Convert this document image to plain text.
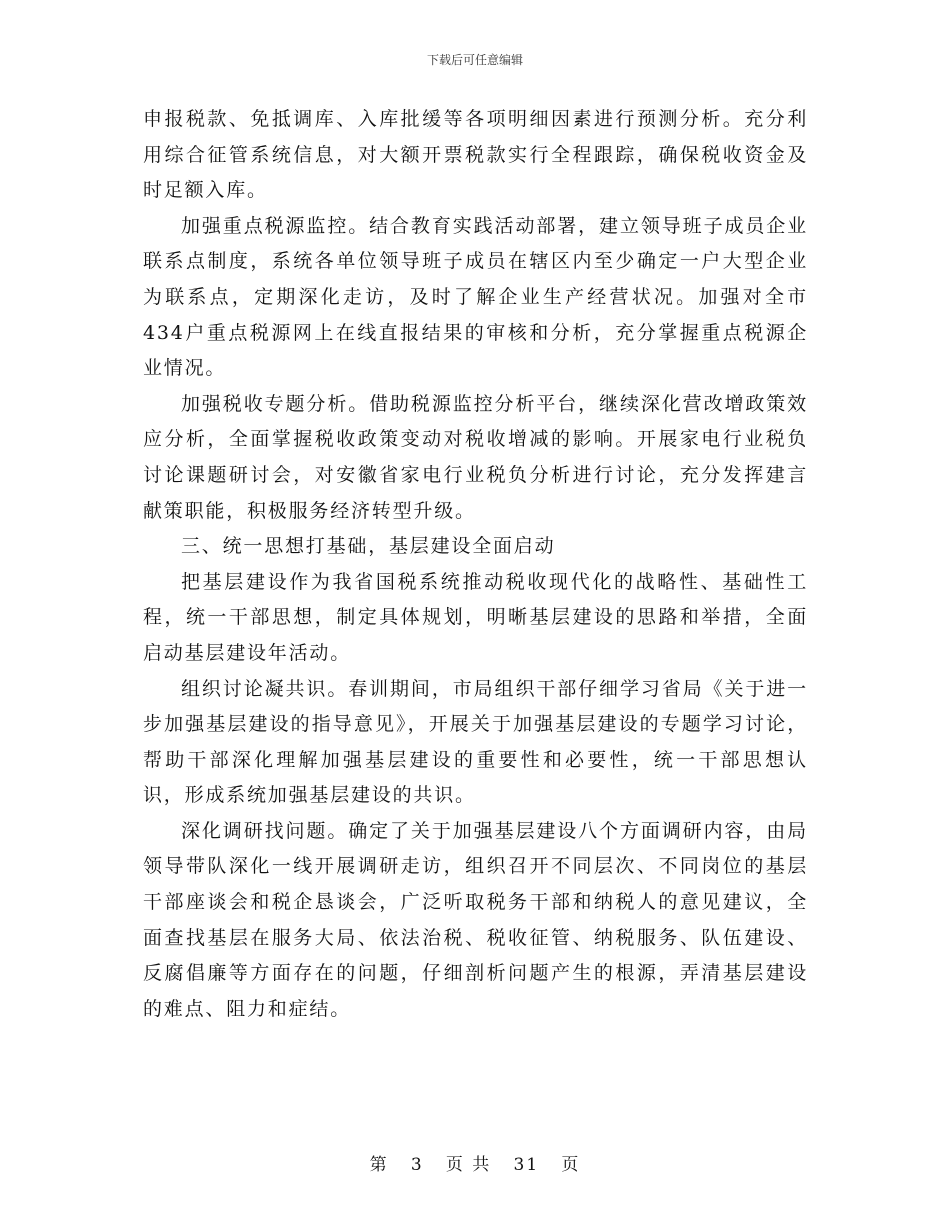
下载后可任意编辑

申报税款、免抵调库、入库批缓等各项明细因素进行预测分析。充分利用综合征管系统信息，对大额开票税款实行全程跟踪，确保税收资金及时足额入库。

加强重点税源监控。结合教育实践活动部署，建立领导班子成员企业联系点制度，系统各单位领导班子成员在辖区内至少确定一户大型企业为联系点，定期深化走访，及时了解企业生产经营状况。加强对全市434户重点税源网上在线直报结果的审核和分析，充分掌握重点税源企业情况。

加强税收专题分析。借助税源监控分析平台，继续深化营改增政策效应分析，全面掌握税收政策变动对税收增减的影响。开展家电行业税负讨论课题研讨会，对安徽省家电行业税负分析进行讨论，充分发挥建言献策职能，积极服务经济转型升级。

三、统一思想打基础，基层建设全面启动

把基层建设作为我省国税系统推动税收现代化的战略性、基础性工程，统一干部思想，制定具体规划，明晰基层建设的思路和举措，全面启动基层建设年活动。

组织讨论凝共识。春训期间，市局组织干部仔细学习省局《关于进一步加强基层建设的指导意见》，开展关于加强基层建设的专题学习讨论，帮助干部深化理解加强基层建设的重要性和必要性，统一干部思想认识，形成系统加强基层建设的共识。

深化调研找问题。确定了关于加强基层建设八个方面调研内容，由局领导带队深化一线开展调研走访，组织召开不同层次、不同岗位的基层干部座谈会和税企恳谈会，广泛听取税务干部和纳税人的意见建议，全面查找基层在服务大局、依法治税、税收征管、纳税服务、队伍建设、反腐倡廉等方面存在的问题，仔细剖析问题产生的根源，弄清基层建设的难点、阻力和症结。

第 3 页 共 31 页
